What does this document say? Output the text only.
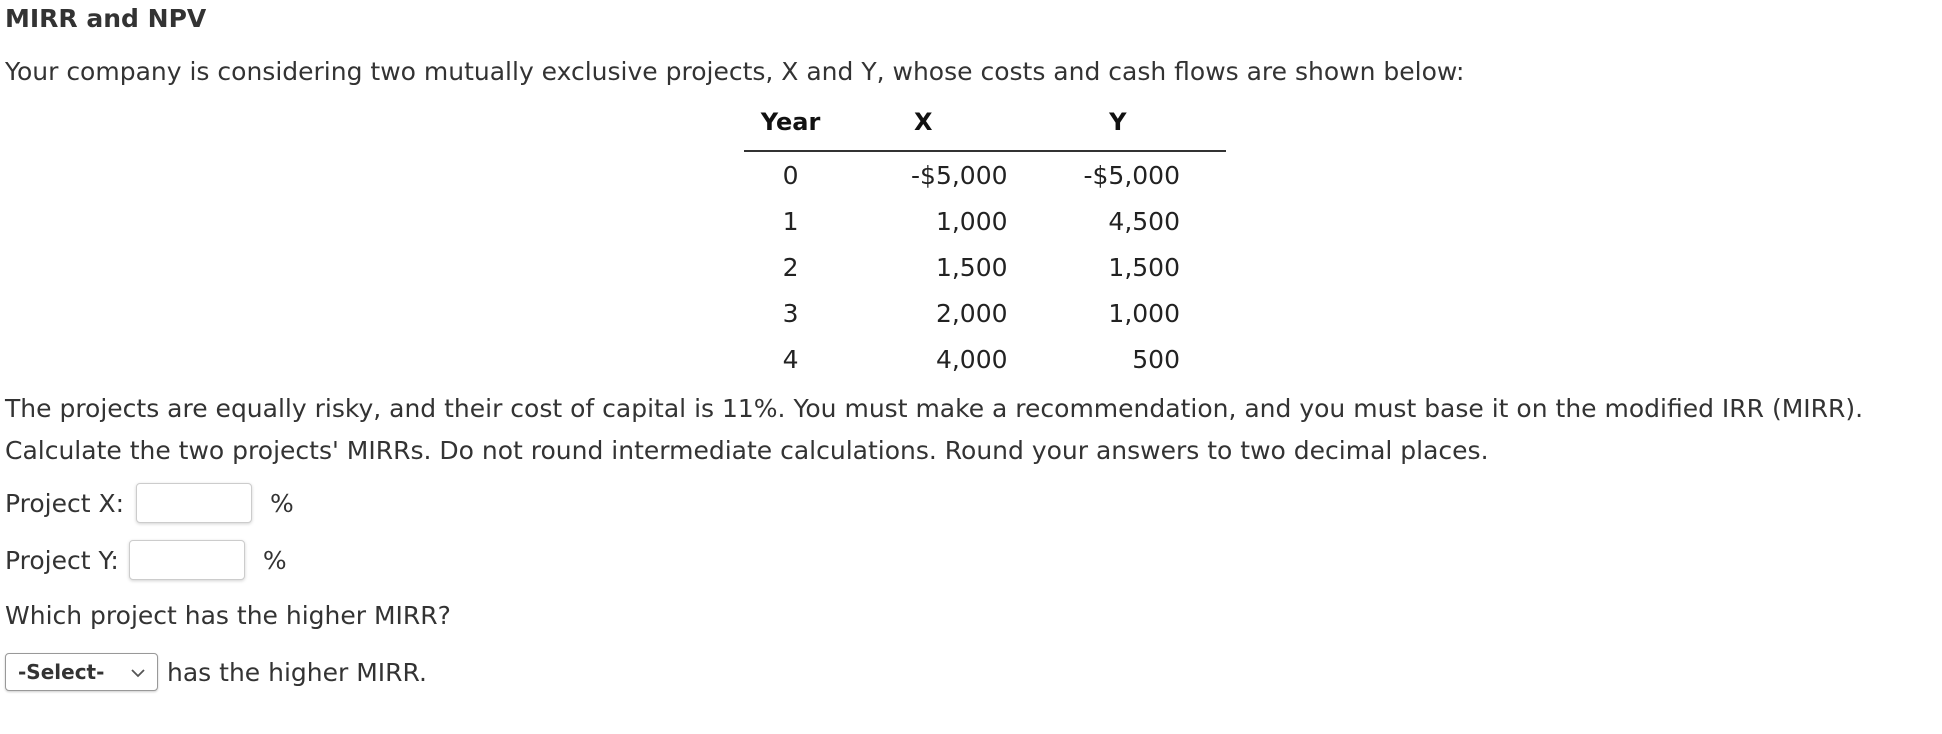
MIRR and NPV
Your company is considering two mutually exclusive projects, X and Y, whose costs and cash flows are shown below:
Year	X	Y
0	-$5,000	-$5,000
1	1,000	4,500
2	1,500	1,500
3	2,000	1,000
4	4,000	500
The projects are equally risky, and their cost of capital is 11%. You must make a recommendation, and you must base it on the modified IRR (MIRR). Calculate the two projects' MIRRs. Do not round intermediate calculations. Round your answers to two decimal places.
Project X:	%
Project Y:	%
Which project has the higher MIRR?
-Select-	has the higher MIRR.
